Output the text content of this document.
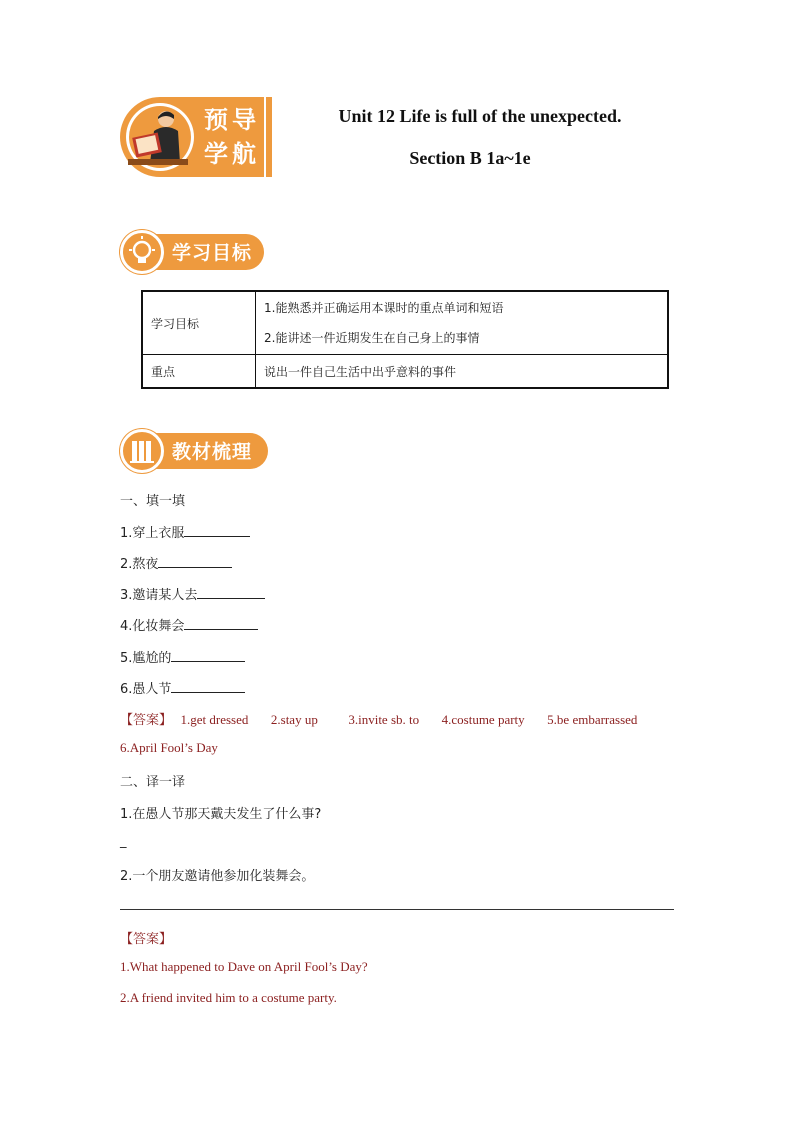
预 导
学 航
Unit 12 Life is full of the unexpected.
Section B 1a~1e
学习目标
学习目标	1.能熟悉并正确运用本课时的重点单词和短语
2.能讲述一件近期发生在自己身上的事情

重点	说出一件自己生活中出乎意料的事件
教材梳理
一、填一填
1.穿上衣服
2.熬夜
3.邀请某人去
4.化妆舞会
5.尴尬的
6.愚人节
【答案】 1.get dressed 2.stay up 3.invite sb. to 4.costume party 5.be embarrassed
6.April Fool’s Day
二、译一译
1.在愚人节那天戴夫发生了什么事?
_
2.一个朋友邀请他参加化装舞会。
【答案】
1.What happened to Dave on April Fool’s Day?
2.A friend invited him to a costume party.
